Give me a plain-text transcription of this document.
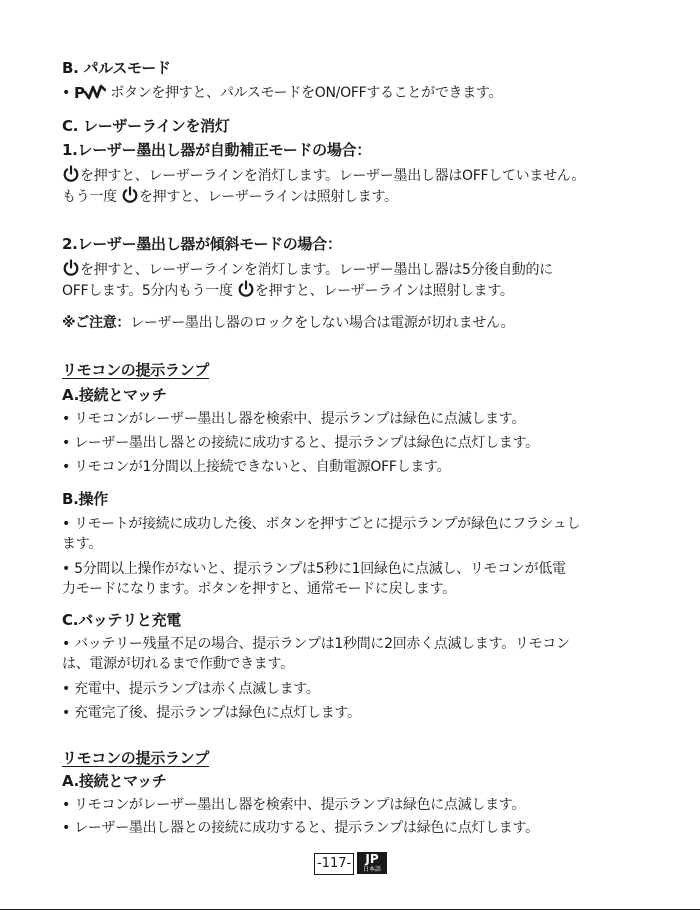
B. パルスモード
• P ボタンを押すと、パルスモードをON/OFFすることができます。
C. レーザーラインを消灯
1.レーザー墨出し器が自動補正モードの場合：
を押すと、レーザーラインを消灯します。レーザー墨出し器はOFFしていません。
もう一度 を押すと、レーザーラインは照射します。
2.レーザー墨出し器が傾斜モードの場合：
を押すと、レーザーラインを消灯します。レーザー墨出し器は5分後自動的に
OFFします。5分内もう一度 を押すと、レーザーラインは照射します。
※ご注意：レーザー墨出し器のロックをしない場合は電源が切れません。
リモコンの提示ランプ
A.接続とマッチ
• リモコンがレーザー墨出し器を検索中、提示ランプは緑色に点滅します。
• レーザー墨出し器との接続に成功すると、提示ランプは緑色に点灯します。
• リモコンが1分間以上接続できないと、自動電源OFFします。
B.操作
• リモートが接続に成功した後、ボタンを押すごとに提示ランプが緑色にフラシュし
ます。
• 5分間以上操作がないと、提示ランプは5秒に1回緑色に点滅し、リモコンが低電
力モードになります。ボタンを押すと、通常モードに戻します。
C.バッテリと充電
• バッテリー残量不足の場合、提示ランプは1秒間に2回赤く点滅します。リモコン
は、電源が切れるまで作動できます。
• 充電中、提示ランプは赤く点滅します。
• 充電完了後、提示ランプは緑色に点灯します。
リモコンの提示ランプ
A.接続とマッチ
• リモコンがレーザー墨出し器を検索中、提示ランプは緑色に点滅します。
• レーザー墨出し器との接続に成功すると、提示ランプは緑色に点灯します。
-117-	JP
日本語
